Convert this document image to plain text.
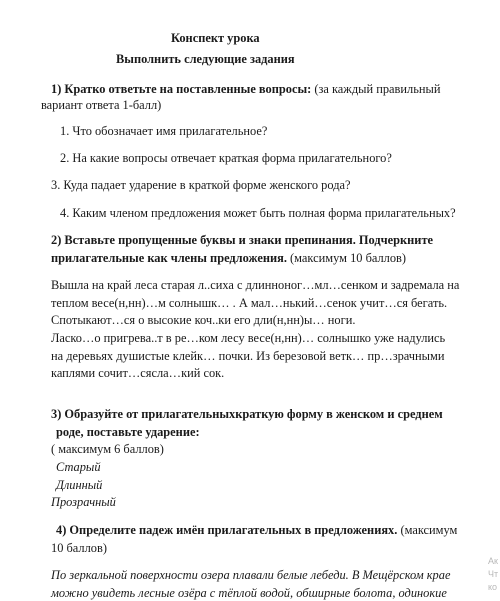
Конспект урока
Выполнить следующие задания
1) Кратко ответьте на поставленные вопросы: (за каждый правильный
вариант ответа 1-балл)
1. Что обозначает имя прилагательное?
2. На какие вопросы отвечает краткая форма прилагательного?
3. Куда падает ударение в краткой форме женского рода?
4. Каким членом предложения может быть полная форма прилагательных?
2) Вставьте пропущенные буквы и знаки препинания. Подчеркните
прилагательные как члены предложения. (максимум 10 баллов)
Вышла на край леса старая л..сиха с длинноног…мл…сенком и задремала на
теплом весе(н,нн)…м солнышк… . А мал…нький…сенок учит…ся бегать.
Спотыкают…ся о высокие коч..ки его дли(н,нн)ы… ноги.
Ласко…о пригрева..т в ре…ком лесу весе(н,нн)… солнышко уже надулись
на деревьях душистые клейк… почки. Из березовой ветк… пр…зрачными
каплями сочит…сясла…кий сок.
3) Образуйте от прилагательныхкраткую форму в женском и среднем
роде, поставьте ударение:
( максимум 6 баллов)
Старый
Длинный
Прозрачный
4) Определите падеж имён прилагательных в предложениях. (максимум
10 баллов)
По зеркальной поверхности озера плавали белые лебеди. В Мещёрском крае
можно увидеть лесные озёра с тёплой водой, обширные болота, одинокие
Ак
Чт
ко
